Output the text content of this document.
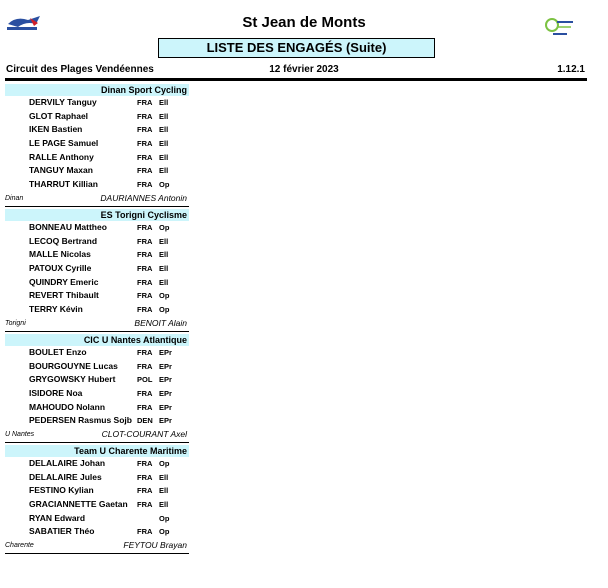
St Jean de Monts
LISTE DES ENGAGÉS (Suite)
Circuit des Plages Vendéennes	12 février 2023	1.12.1
Dinan Sport Cycling
DERVILY Tanguy	FRA Ell
GLOT Raphael	FRA Ell
IKEN Bastien	FRA Ell
LE PAGE Samuel	FRA Ell
RALLE Anthony	FRA Ell
TANGUY Maxan	FRA Ell
THARRUT Killian	FRA Op
Dinan	DAURIANNES Antonin
ES Torigni Cyclisme
BONNEAU Mattheo	FRA Op
LECOQ Bertrand	FRA Ell
MALLE Nicolas	FRA Ell
PATOUX Cyrille	FRA Ell
QUINDRY Emeric	FRA Ell
REVERT Thibault	FRA Op
TERRY Kévin	FRA Op
Torigni	BENOIT Alain
CIC U Nantes Atlantique
BOULET Enzo	FRA EPr
BOURGOUYNE Lucas	FRA EPr
GRYGOWSKY Hubert	POL EPr
ISIDORE Noa	FRA EPr
MAHOUDO Nolann	FRA EPr
PEDERSEN Rasmus Sojb DEN EPr
U Nantes	CLOT-COURANT Axel
Team U Charente Maritime
DELALAIRE Johan	FRA Op
DELALAIRE Jules	FRA Ell
FESTINO Kylian	FRA Ell
GRACIANNETTE Gaetan FRA Ell
RYAN Edward	Op
SABATIER Théo	FRA Op
Charente	FEYTOU Brayan
